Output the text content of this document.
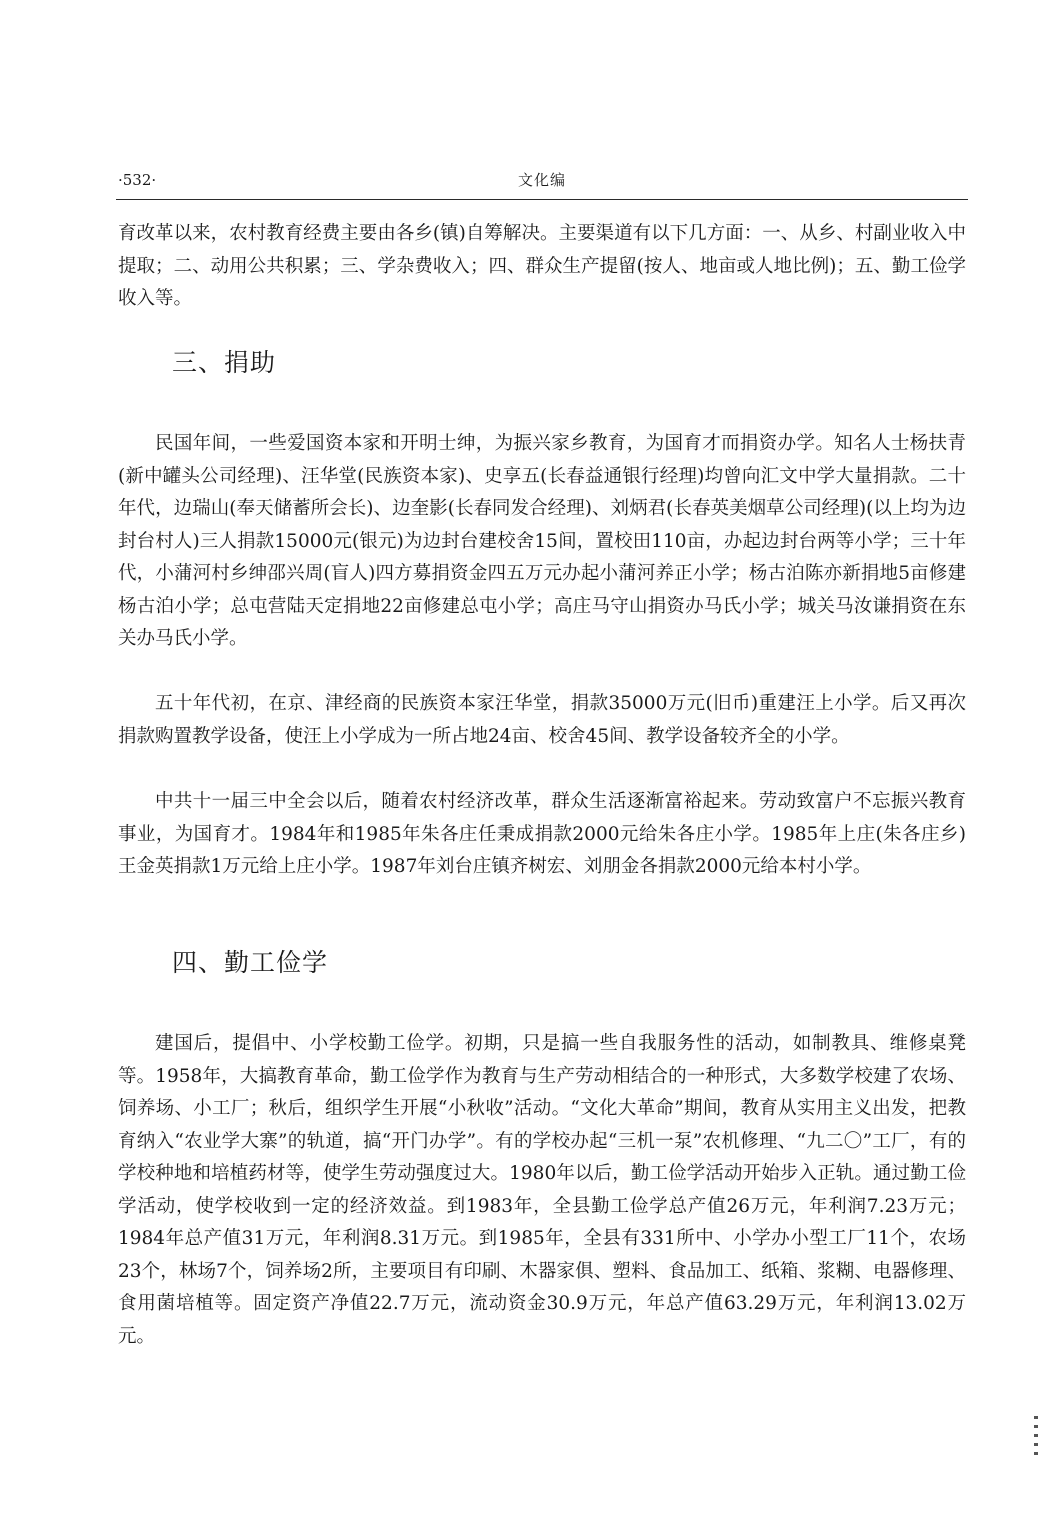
·532·	文化编

育改革以来，农村教育经费主要由各乡(镇)自筹解决。主要渠道有以下几方面：一、从乡、村副业收入中提取；二、动用公共积累；三、学杂费收入；四、群众生产提留(按人、地亩或人地比例)；五、勤工俭学收入等。

三、捐助

民国年间，一些爱国资本家和开明士绅，为振兴家乡教育，为国育才而捐资办学。知名人士杨扶青(新中罐头公司经理)、汪华堂(民族资本家)、史享五(长春益通银行经理)均曾向汇文中学大量捐款。二十年代，边瑞山(奉天储蓄所会长)、边奎影(长春同发合经理)、刘炳君(长春英美烟草公司经理)(以上均为边封台村人)三人捐款15000元(银元)为边封台建校舍15间，置校田110亩，办起边封台两等小学；三十年代，小蒲河村乡绅邵兴周(盲人)四方募捐资金四五万元办起小蒲河养正小学；杨古泊陈亦新捐地5亩修建杨古泊小学；总屯营陆天定捐地22亩修建总屯小学；高庄马守山捐资办马氏小学；城关马汝谦捐资在东关办马氏小学。

五十年代初，在京、津经商的民族资本家汪华堂，捐款35000万元(旧币)重建汪上小学。后又再次捐款购置教学设备，使汪上小学成为一所占地24亩、校舍45间、教学设备较齐全的小学。

中共十一届三中全会以后，随着农村经济改革，群众生活逐渐富裕起来。劳动致富户不忘振兴教育事业，为国育才。1984年和1985年朱各庄任秉成捐款2000元给朱各庄小学。1985年上庄(朱各庄乡)王金英捐款1万元给上庄小学。1987年刘台庄镇齐树宏、刘朋金各捐款2000元给本村小学。

四、勤工俭学

建国后，提倡中、小学校勤工俭学。初期，只是搞一些自我服务性的活动，如制教具、维修桌凳等。1958年，大搞教育革命，勤工俭学作为教育与生产劳动相结合的一种形式，大多数学校建了农场、饲养场、小工厂；秋后，组织学生开展“小秋收”活动。“文化大革命”期间，教育从实用主义出发，把教育纳入“农业学大寨”的轨道，搞“开门办学”。有的学校办起“三机一泵”农机修理、“九二〇”工厂，有的学校种地和培植药材等，使学生劳动强度过大。1980年以后，勤工俭学活动开始步入正轨。通过勤工俭学活动，使学校收到一定的经济效益。到1983年，全县勤工俭学总产值26万元，年利润7.23万元；1984年总产值31万元，年利润8.31万元。到1985年，全县有331所中、小学办小型工厂11个，农场23个，林场7个，饲养场2所，主要项目有印刷、木器家俱、塑料、食品加工、纸箱、浆糊、电器修理、食用菌培植等。固定资产净值22.7万元，流动资金30.9万元，年总产值63.29万元，年利润13.02万元。
